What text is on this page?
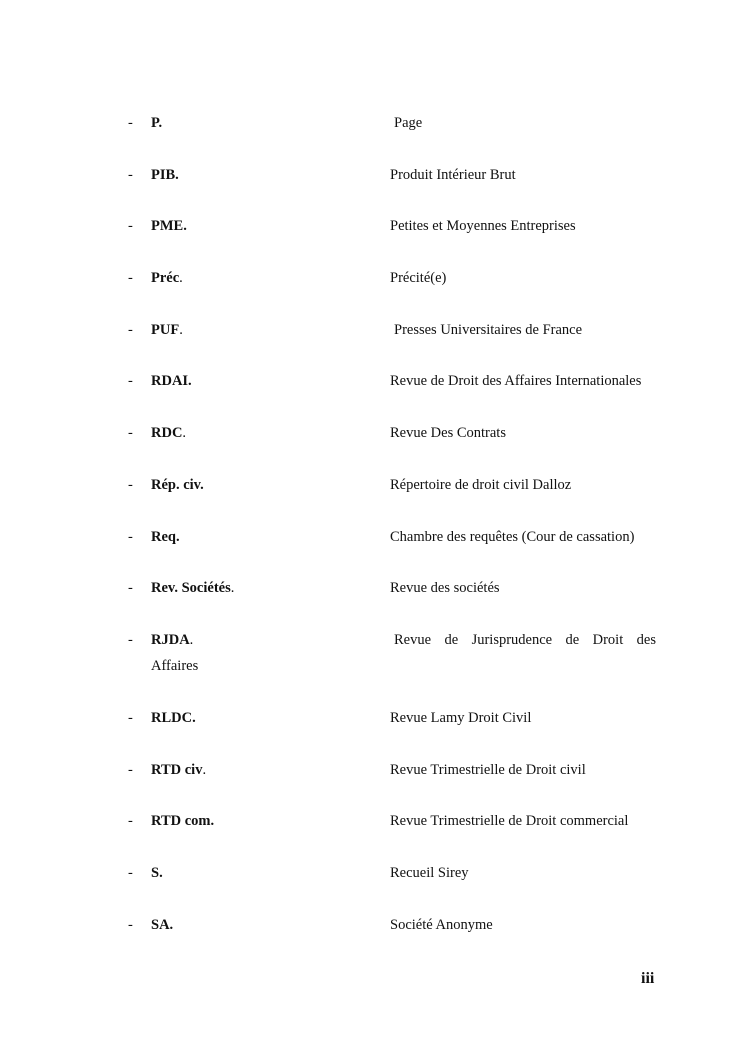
- P.	Page
- PIB.	Produit Intérieur Brut
- PME.	Petites et Moyennes Entreprises
- Préc.	Précité(e)
- PUF.	Presses Universitaires de France
- RDAI.	Revue de Droit des Affaires Internationales
- RDC.	Revue Des Contrats
- Rép. civ.	Répertoire de droit civil Dalloz
- Req.	Chambre des requêtes (Cour de cassation)
- Rev. Sociétés.	Revue des sociétés
- RJDA.	Revue de Jurisprudence de Droit des
Affaires
- RLDC.	Revue Lamy Droit Civil
- RTD civ.	Revue Trimestrielle de Droit civil
- RTD com.	Revue Trimestrielle de Droit commercial
- S.	Recueil Sirey
- SA.	Société Anonyme
iii
